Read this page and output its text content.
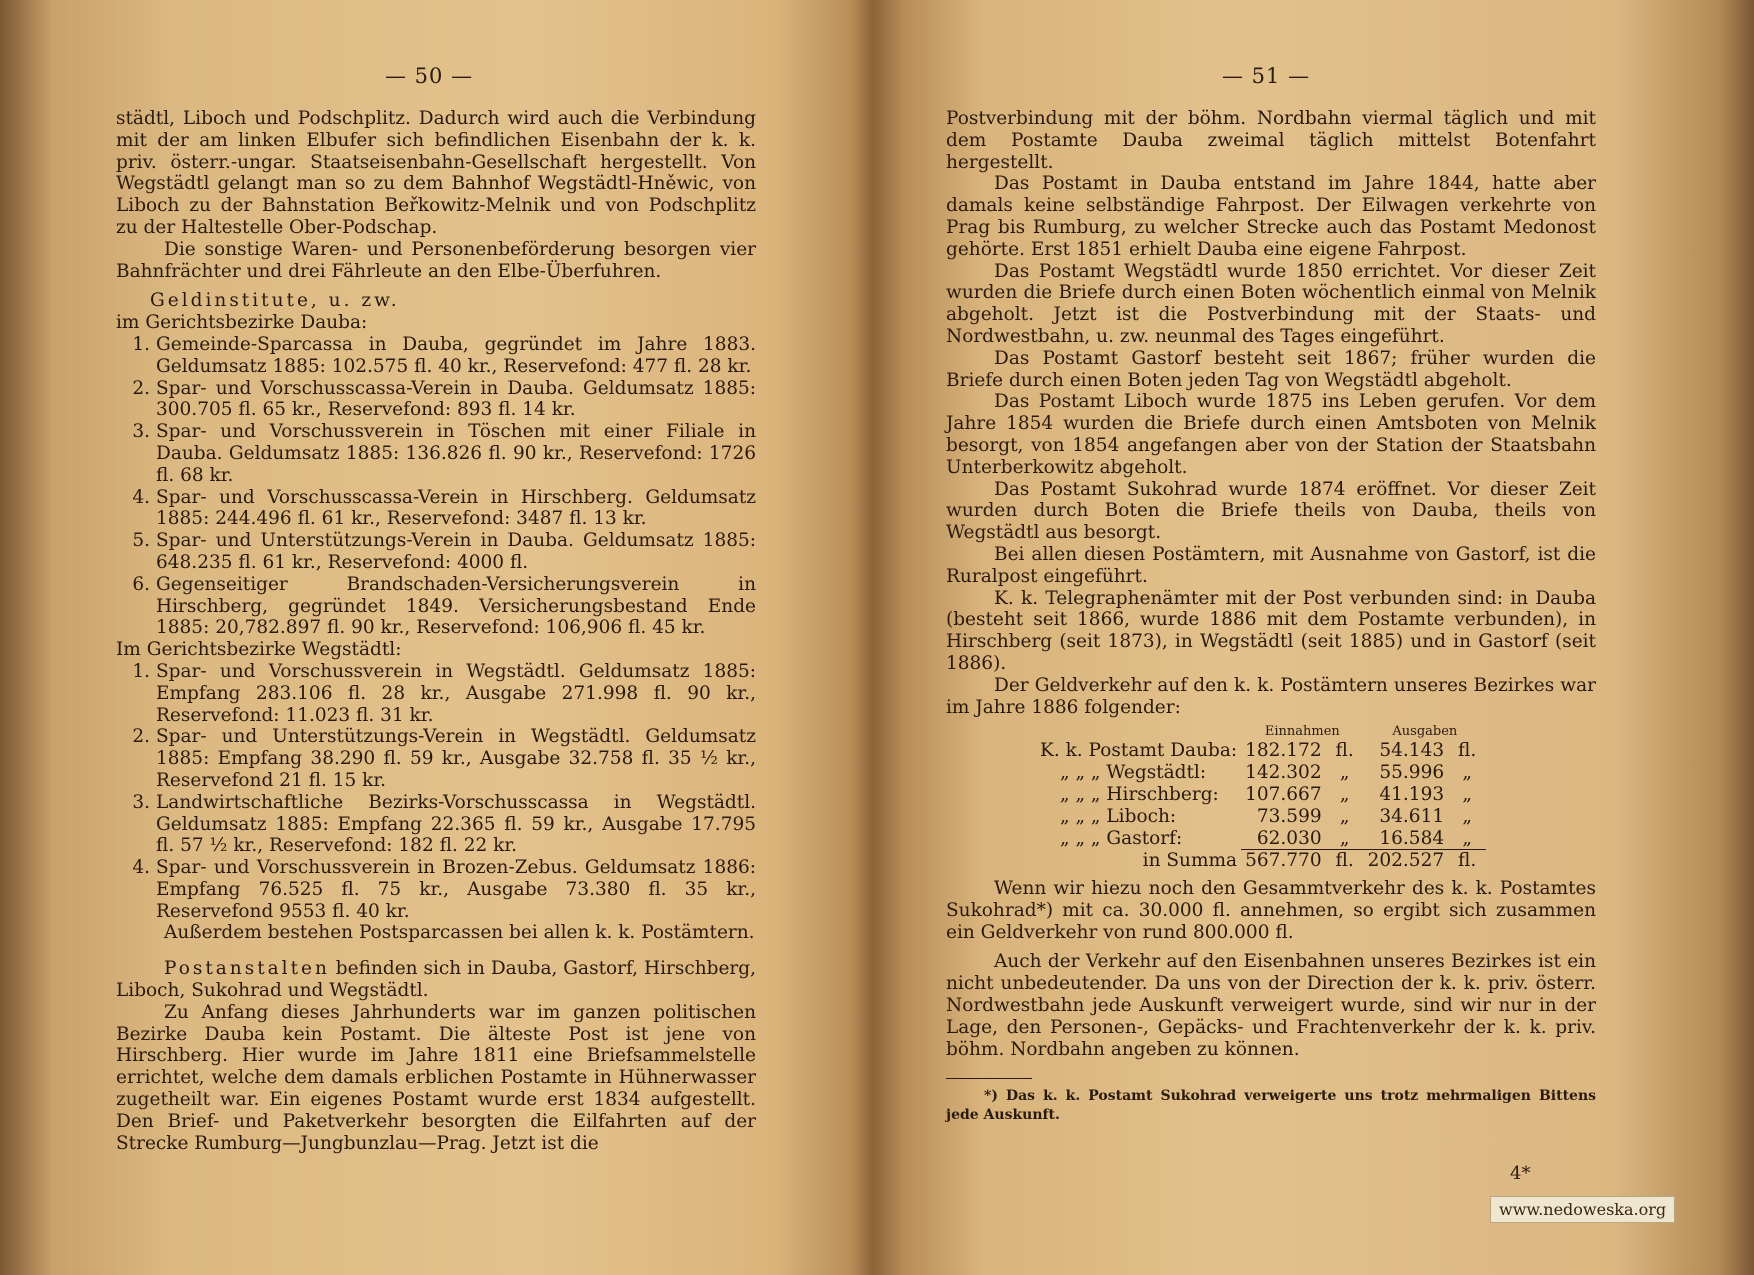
— 50 —

städtl, Liboch und Podschplitz. Dadurch wird auch die Verbindung mit der am linken Elbufer sich befindlichen Eisenbahn der k. k. priv. österr.-ungar. Staatseisenbahn-Gesellschaft hergestellt. Von Wegstädtl gelangt man so zu dem Bahnhof Wegstädtl-Hněwic, von Liboch zu der Bahnstation Beřkowitz-Melnik und von Podschplitz zu der Haltestelle Ober-Podschap.

Die sonstige Waren- und Personenbeförderung besorgen vier Bahnfrächter und drei Fährleute an den Elbe-Überfuhren.

Geldinstitute, u. zw.

im Gerichtsbezirke Dauba:

1. Gemeinde-Sparcassa in Dauba, gegründet im Jahre 1883. Geldumsatz 1885: 102.575 fl. 40 kr., Reservefond: 477 fl. 28 kr.
2. Spar- und Vorschusscassa-Verein in Dauba. Geldumsatz 1885: 300.705 fl. 65 kr., Reservefond: 893 fl. 14 kr.
3. Spar- und Vorschussverein in Töschen mit einer Filiale in Dauba. Geldumsatz 1885: 136.826 fl. 90 kr., Reservefond: 1726 fl. 68 kr.
4. Spar- und Vorschusscassa-Verein in Hirschberg. Geldumsatz 1885: 244.496 fl. 61 kr., Reservefond: 3487 fl. 13 kr.
5. Spar- und Unterstützungs-Verein in Dauba. Geldumsatz 1885: 648.235 fl. 61 kr., Reservefond: 4000 fl.
6. Gegenseitiger Brandschaden-Versicherungsverein in Hirschberg, gegründet 1849. Versicherungsbestand Ende 1885: 20,782.897 fl. 90 kr., Reservefond: 106,906 fl. 45 kr.

Im Gerichtsbezirke Wegstädtl:

1. Spar- und Vorschussverein in Wegstädtl. Geldumsatz 1885: Empfang 283.106 fl. 28 kr., Ausgabe 271.998 fl. 90 kr., Reservefond: 11.023 fl. 31 kr.
2. Spar- und Unterstützungs-Verein in Wegstädtl. Geldumsatz 1885: Empfang 38.290 fl. 59 kr., Ausgabe 32.758 fl. 35 ½ kr., Reservefond 21 fl. 15 kr.
3. Landwirtschaftliche Bezirks-Vorschusscassa in Wegstädtl. Geldumsatz 1885: Empfang 22.365 fl. 59 kr., Ausgabe 17.795 fl. 57 ½ kr., Reservefond: 182 fl. 22 kr.
4. Spar- und Vorschussverein in Brozen-Zebus. Geldumsatz 1886: Empfang 76.525 fl. 75 kr., Ausgabe 73.380 fl. 35 kr., Reservefond 9553 fl. 40 kr.

Außerdem bestehen Postsparcassen bei allen k. k. Postämtern.

Postanstalten befinden sich in Dauba, Gastorf, Hirschberg, Liboch, Sukohrad und Wegstädtl.

Zu Anfang dieses Jahrhunderts war im ganzen politischen Bezirke Dauba kein Postamt. Die älteste Post ist jene von Hirschberg. Hier wurde im Jahre 1811 eine Briefsammelstelle errichtet, welche dem damals erblichen Postamte in Hühnerwasser zugetheilt war. Ein eigenes Postamt wurde erst 1834 aufgestellt. Den Brief- und Paketverkehr besorgten die Eilfahrten auf der Strecke Rumburg—Jungbunzlau—Prag. Jetzt ist die

— 51 —

Postverbindung mit der böhm. Nordbahn viermal täglich und mit dem Postamte Dauba zweimal täglich mittelst Botenfahrt hergestellt.

Das Postamt in Dauba entstand im Jahre 1844, hatte aber damals keine selbständige Fahrpost. Der Eilwagen verkehrte von Prag bis Rumburg, zu welcher Strecke auch das Postamt Medonost gehörte. Erst 1851 erhielt Dauba eine eigene Fahrpost.

Das Postamt Wegstädtl wurde 1850 errichtet. Vor dieser Zeit wurden die Briefe durch einen Boten wöchentlich einmal von Melnik abgeholt. Jetzt ist die Postverbindung mit der Staats- und Nordwestbahn, u. zw. neunmal des Tages eingeführt.

Das Postamt Gastorf besteht seit 1867; früher wurden die Briefe durch einen Boten jeden Tag von Wegstädtl abgeholt.

Das Postamt Liboch wurde 1875 ins Leben gerufen. Vor dem Jahre 1854 wurden die Briefe durch einen Amtsboten von Melnik besorgt, von 1854 angefangen aber von der Station der Staatsbahn Unterberkowitz abgeholt.

Das Postamt Sukohrad wurde 1874 eröffnet. Vor dieser Zeit wurden durch Boten die Briefe theils von Dauba, theils von Wegstädtl aus besorgt.

Bei allen diesen Postämtern, mit Ausnahme von Gastorf, ist die Ruralpost eingeführt.

K. k. Telegraphenämter mit der Post verbunden sind: in Dauba (besteht seit 1866, wurde 1886 mit dem Postamte verbunden), in Hirschberg (seit 1873), in Wegstädtl (seit 1885) und in Gastorf (seit 1886).

Der Geldverkehr auf den k. k. Postämtern unseres Bezirkes war im Jahre 1886 folgender:

	Einnahmen		Ausgaben	
K. k. Postamt Dauba:	182.172	fl.	54.143	fl.
„ „ „ Wegstädtl:	142.302	„	55.996	„
„ „ „ Hirschberg:	107.667	„	41.193	„
„ „ „ Liboch:	73.599	„	34.611	„
„ „ „ Gastorf:	62.030	„	16.584	„
in Summa	567.770	fl.	202.527	fl.

Wenn wir hiezu noch den Gesammtverkehr des k. k. Postamtes Sukohrad*) mit ca. 30.000 fl. annehmen, so ergibt sich zusammen ein Geldverkehr von rund 800.000 fl.

Auch der Verkehr auf den Eisenbahnen unseres Bezirkes ist ein nicht unbedeutender. Da uns von der Direction der k. k. priv. österr. Nordwestbahn jede Auskunft verweigert wurde, sind wir nur in der Lage, den Personen-, Gepäcks- und Frachtenverkehr der k. k. priv. böhm. Nordbahn angeben zu können.

*) Das k. k. Postamt Sukohrad verweigerte uns trotz mehrmaligen Bittens jede Auskunft.

4*
www.nedoweska.org
